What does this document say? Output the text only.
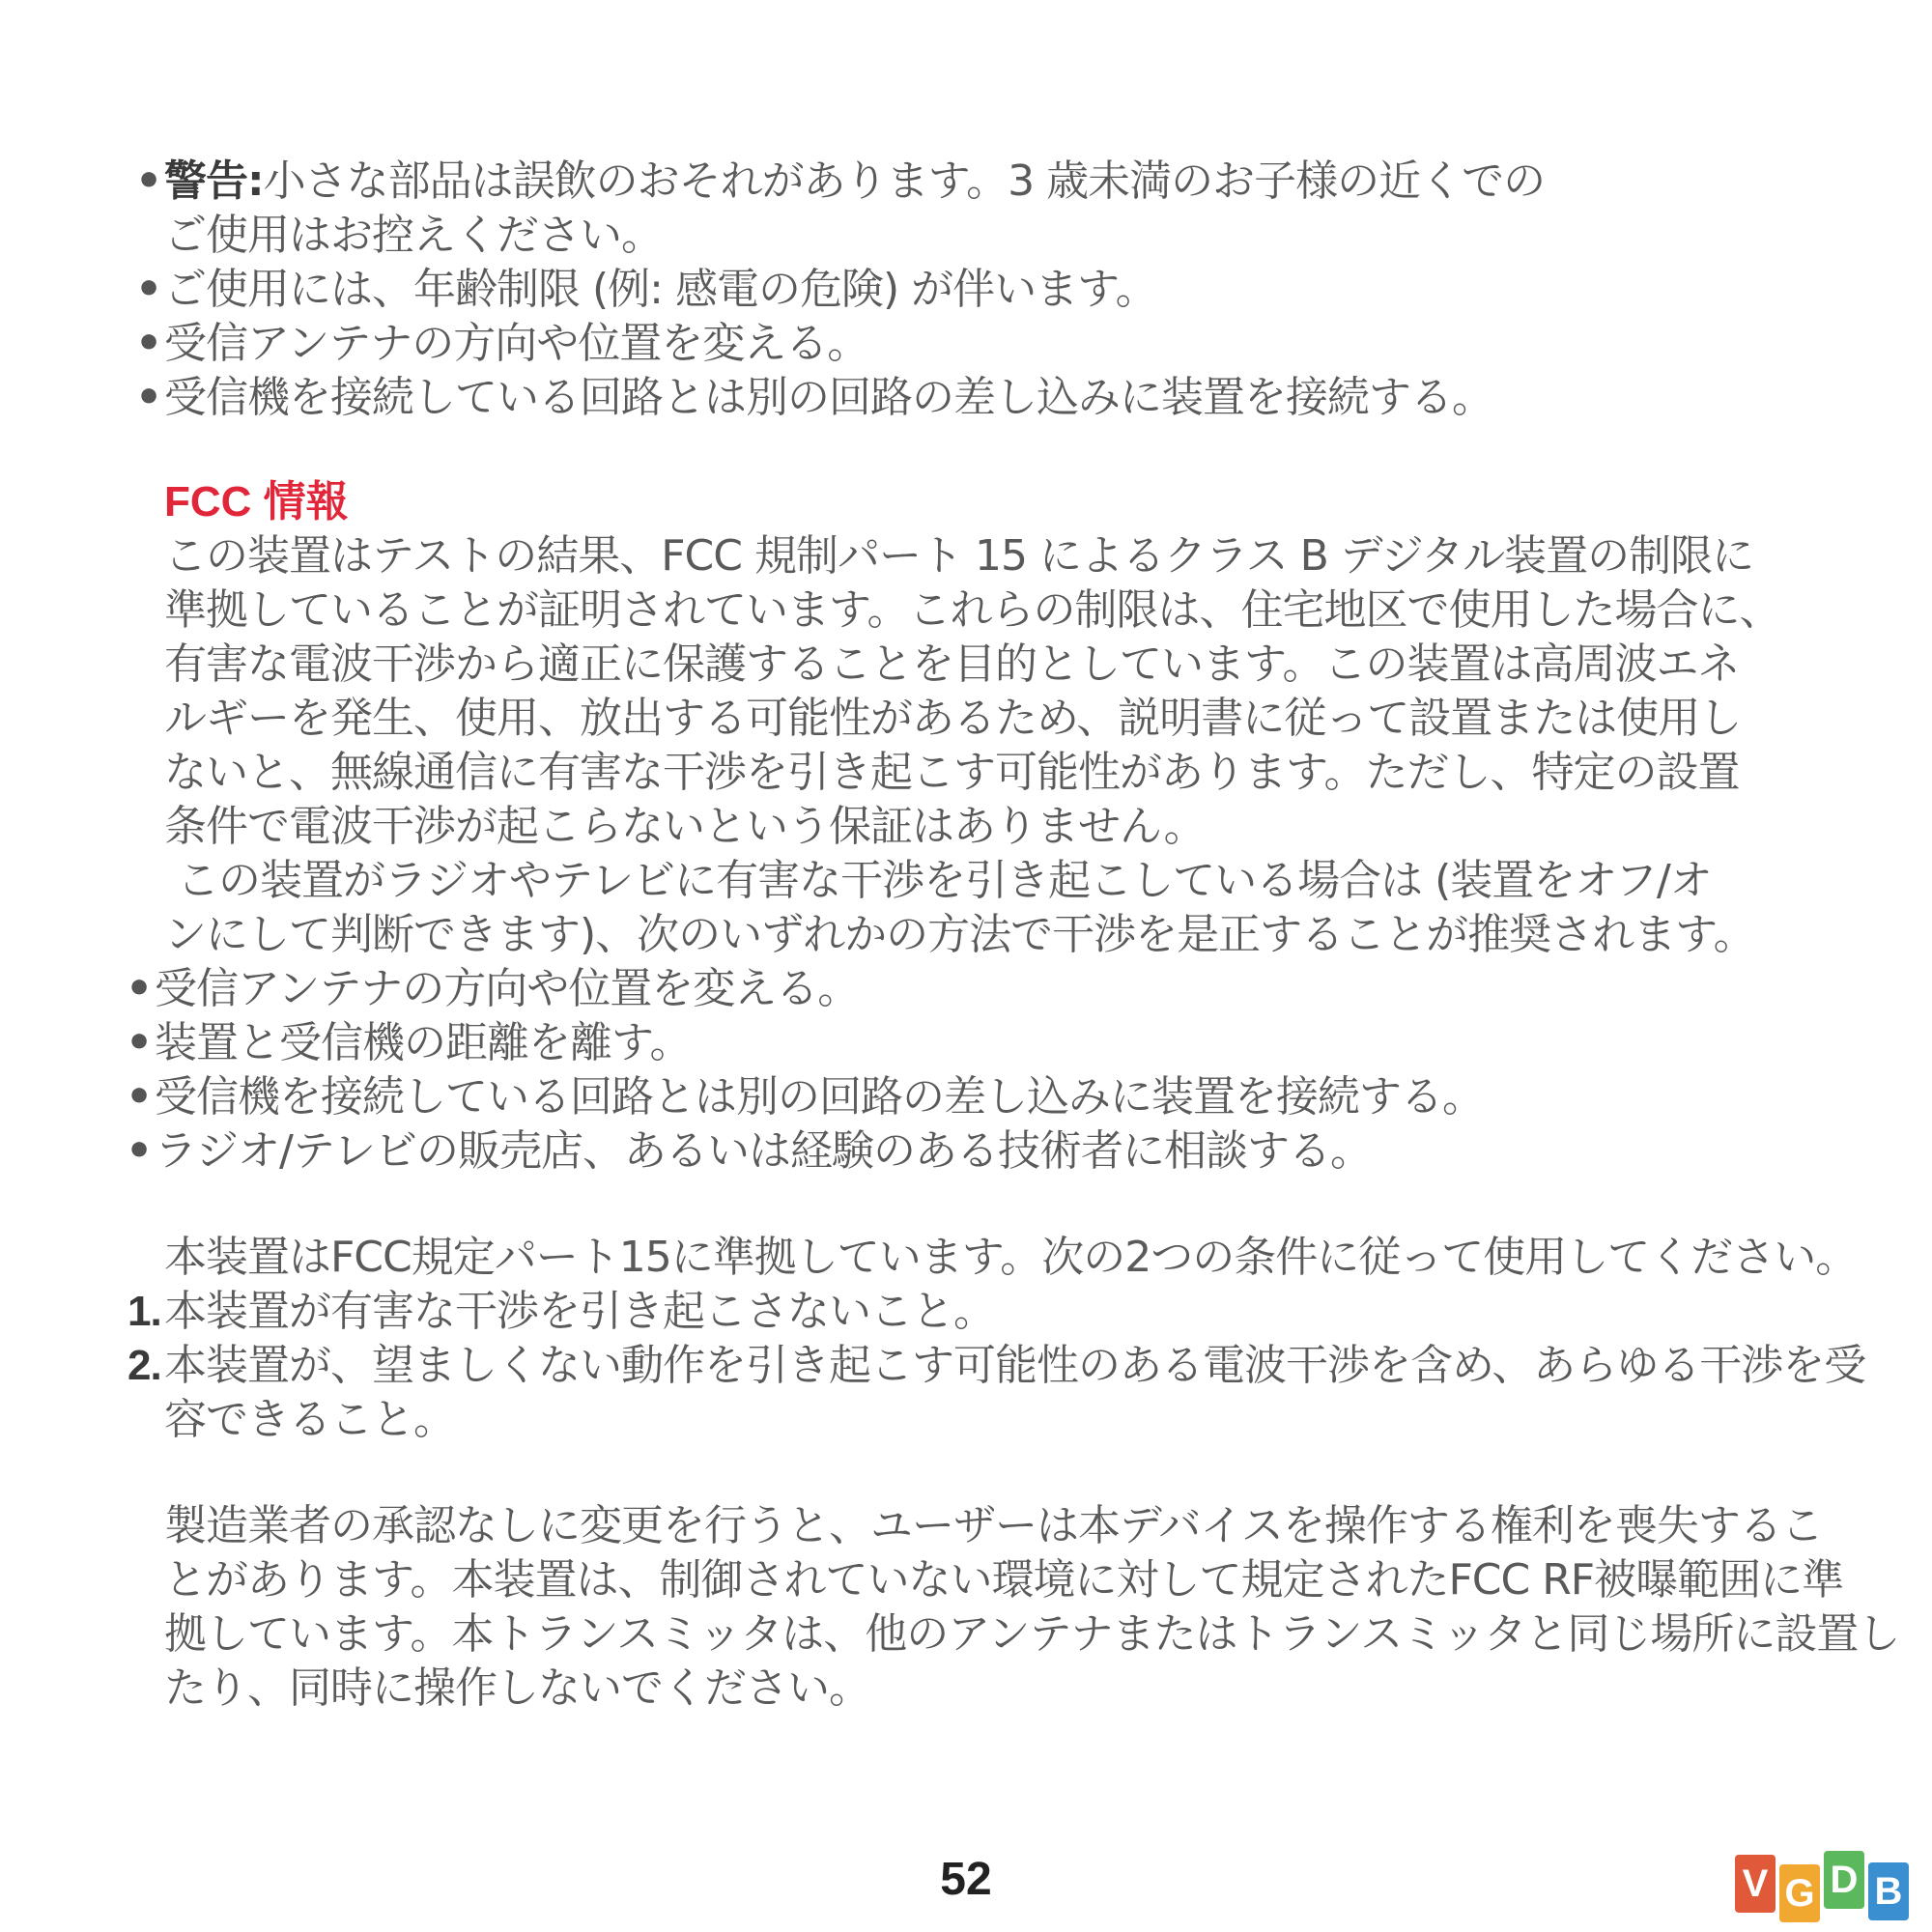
• 警告:小さな部品は誤飲のおそれがあります。3 歳未満のお子様の近くでの
ご使用はお控えください。
• ご使用には、年齢制限 (例: 感電の危険) が伴います。
• 受信アンテナの方向や位置を変える。
• 受信機を接続している回路とは別の回路の差し込みに装置を接続する。
FCC 情報
この装置はテストの結果、FCC 規制パート 15 によるクラス B デジタル装置の制限に
準拠していることが証明されています。これらの制限は、住宅地区で使用した場合に、
有害な電波干渉から適正に保護することを目的としています。この装置は高周波エネ
ルギーを発生、使用、放出する可能性があるため、説明書に従って設置または使用し
ないと、無線通信に有害な干渉を引き起こす可能性があります。ただし、特定の設置
条件で電波干渉が起こらないという保証はありません。
この装置がラジオやテレビに有害な干渉を引き起こしている場合は (装置をオフ/オ
ンにして判断できます)、次のいずれかの方法で干渉を是正することが推奨されます。
• 受信アンテナの方向や位置を変える。
• 装置と受信機の距離を離す。
• 受信機を接続している回路とは別の回路の差し込みに装置を接続する。
• ラジオ/テレビの販売店、あるいは経験のある技術者に相談する。
本装置はFCC規定パート15に準拠しています。次の2つの条件に従って使用してください。
1. 本装置が有害な干渉を引き起こさないこと。
2. 本装置が、望ましくない動作を引き起こす可能性のある電波干渉を含め、あらゆる干渉を受
容できること。
製造業者の承認なしに変更を行うと、ユーザーは本デバイスを操作する権利を喪失するこ
とがあります。本装置は、制御されていない環境に対して規定されたFCC RF被曝範囲に準
拠しています。本トランスミッタは、他のアンテナまたはトランスミッタと同じ場所に設置し
たり、同時に操作しないでください。
52	V G D B
